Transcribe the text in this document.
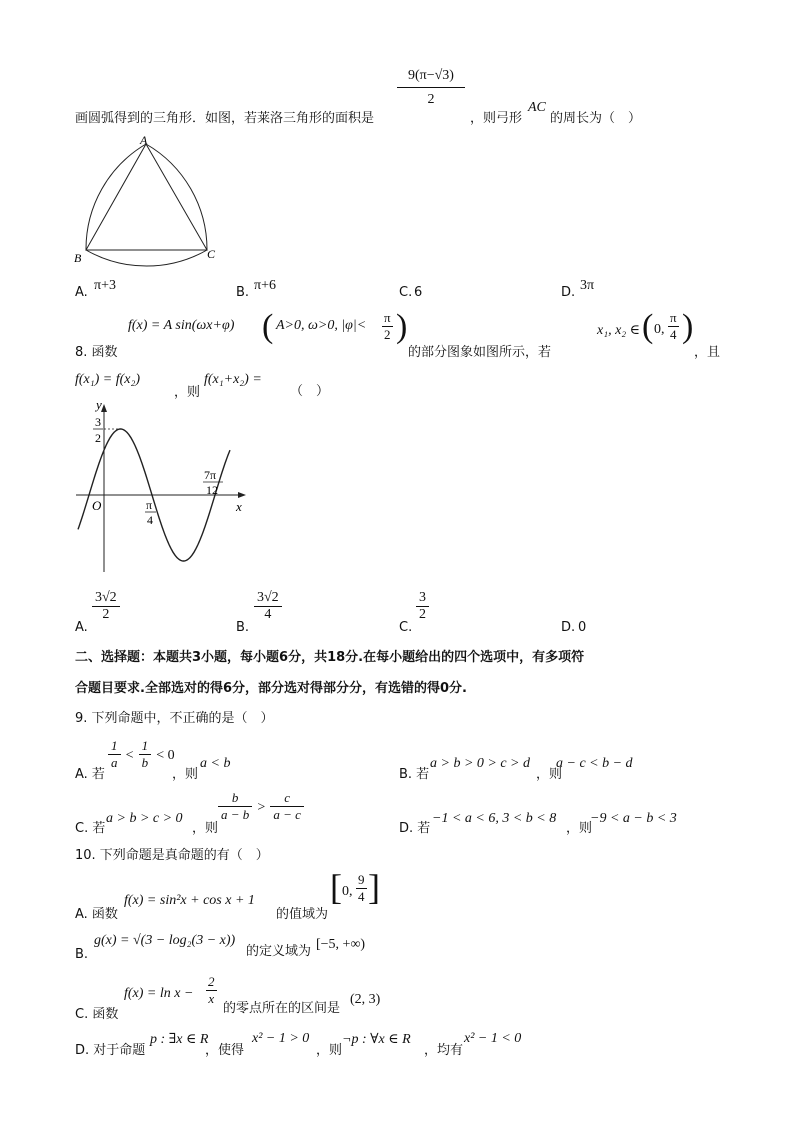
画圆弧得到的三角形．如图，若莱洛三角形的面积是
$\frac{9(\pi-√3)}{2}$
，则弓形
AC
的周长为（　）
A
B	C
A. π+3	B. π+6	C. 6	D. 3π
8. 函数
f(x) = A sin(ωx+φ) ( A>0, ω>0, $|\varphi|< \frac{\pi}{2}$ )
的部分图象如图所示，若
x₁, x₂ ∈ ( 0, $\frac{\pi}{4}$ )
，且
f(x₁) = f(x₂)
，则
f(x₁+x₂) =
（　）
y
x
O
3
2
π
4
7π
12
A.
$\frac{3√2}{2}$
B.
$\frac{3√2}{4}$
C.
$\frac{3}{2}$
D. 0
二、选择题：本题共3小题，每小题6分，共18分.在每小题给出的四个选项中，有多项符
合题目要求.全部选对的得6分，部分选对得部分分，有选错的得0分.
9. 下列命题中，不正确的是（　）
A. 若
$\frac{1}{a} < \frac{1}{b} < 0$
，则
a < b
B. 若
a > b > 0 > c > d
，则
a − c < b − d
C. 若
a > b > c > 0
，则
$\frac{b}{a - b} > \frac{c}{a - c}$
D. 若
−1 < a < 6, 3 < b < 8
，则
−9 < a − b < 3
10. 下列命题是真命题的有（　）
A. 函数
f(x) = sin²x + cos x + 1
的值域为
[ 0, $\frac{9}{4}$ ]
B.
g(x) = √(3 − log₂(3 − x))
的定义域为 [−5, +∞)
C. 函数
$f(x) = \ln x - \frac{2}{x}$
的零点所在的区间是
(2, 3)
D. 对于命题
p : ∃x ∈ R
，使得
x² − 1 > 0
，则
¬p : ∀x ∈ R
，均有
x² − 1 < 0
